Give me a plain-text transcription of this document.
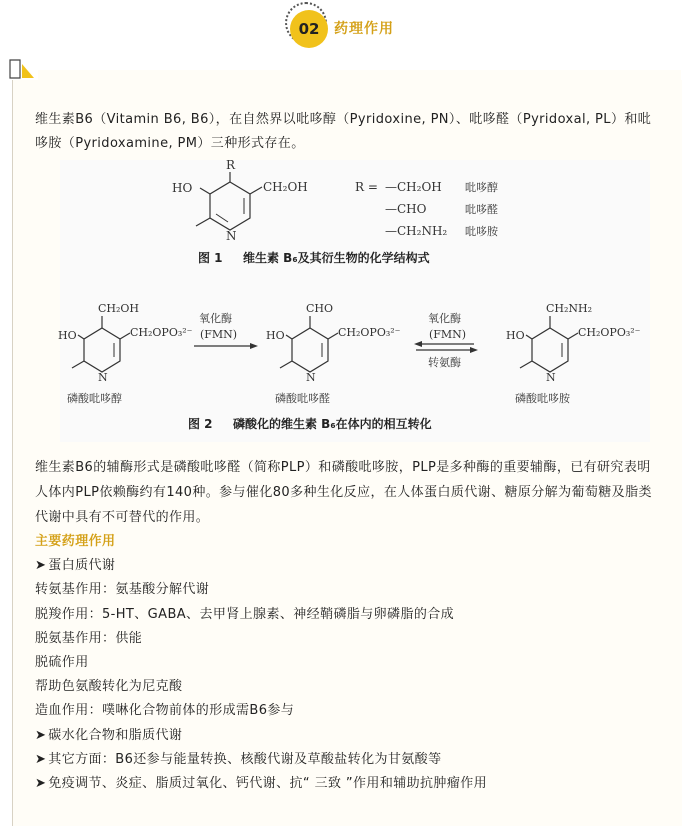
02	药理作用
维生素B6（Vitamin B6, B6），在自然界以吡哆醇（Pyridoxine, PN）、吡哆醛（Pyridoxal, PL）和吡哆胺（Pyridoxamine, PM）三种形式存在。
R
HO	CH₂OH
N
R = —CH₂OH 吡哆醇
—CHO	吡哆醛
—CH₂NH₂ 吡哆胺
图 1 维生素 B₆及其衍生物的化学结构式
CH₂OH
HO	CH₂OPO₃²⁻
N
磷酸吡哆醇
氧化酶
(FMN)
CHO
HO	CH₂OPO₃²⁻
N
磷酸吡哆醛
氧化酶
(FMN)
转氨酶
CH₂NH₂
HO	CH₂OPO₃²⁻
N
磷酸吡哆胺
图 2 磷酸化的维生素 B₆在体内的相互转化
维生素B6的辅酶形式是磷酸吡哆醛（简称PLP）和磷酸吡哆胺，PLP是多种酶的重要辅酶，已有研究表明人体内PLP依赖酶约有140种。参与催化80多种生化反应，在人体蛋白质代谢、糖原分解为葡萄糖及脂类代谢中具有不可替代的作用。
主要药理作用
➤ 蛋白质代谢
转氨基作用：氨基酸分解代谢
脱羧作用：5-HT、GABA、去甲肾上腺素、神经鞘磷脂与卵磷脂的合成
脱氨基作用：供能
脱硫作用
帮助色氨酸转化为尼克酸
造血作用：噗啉化合物前体的形成需B6参与
➤ 碳水化合物和脂质代谢
➤ 其它方面：B6还参与能量转换、核酸代谢及草酸盐转化为甘氨酸等
➤ 免疫调节、炎症、脂质过氧化、钙代谢、抗“ 三致 ”作用和辅助抗肿瘤作用
